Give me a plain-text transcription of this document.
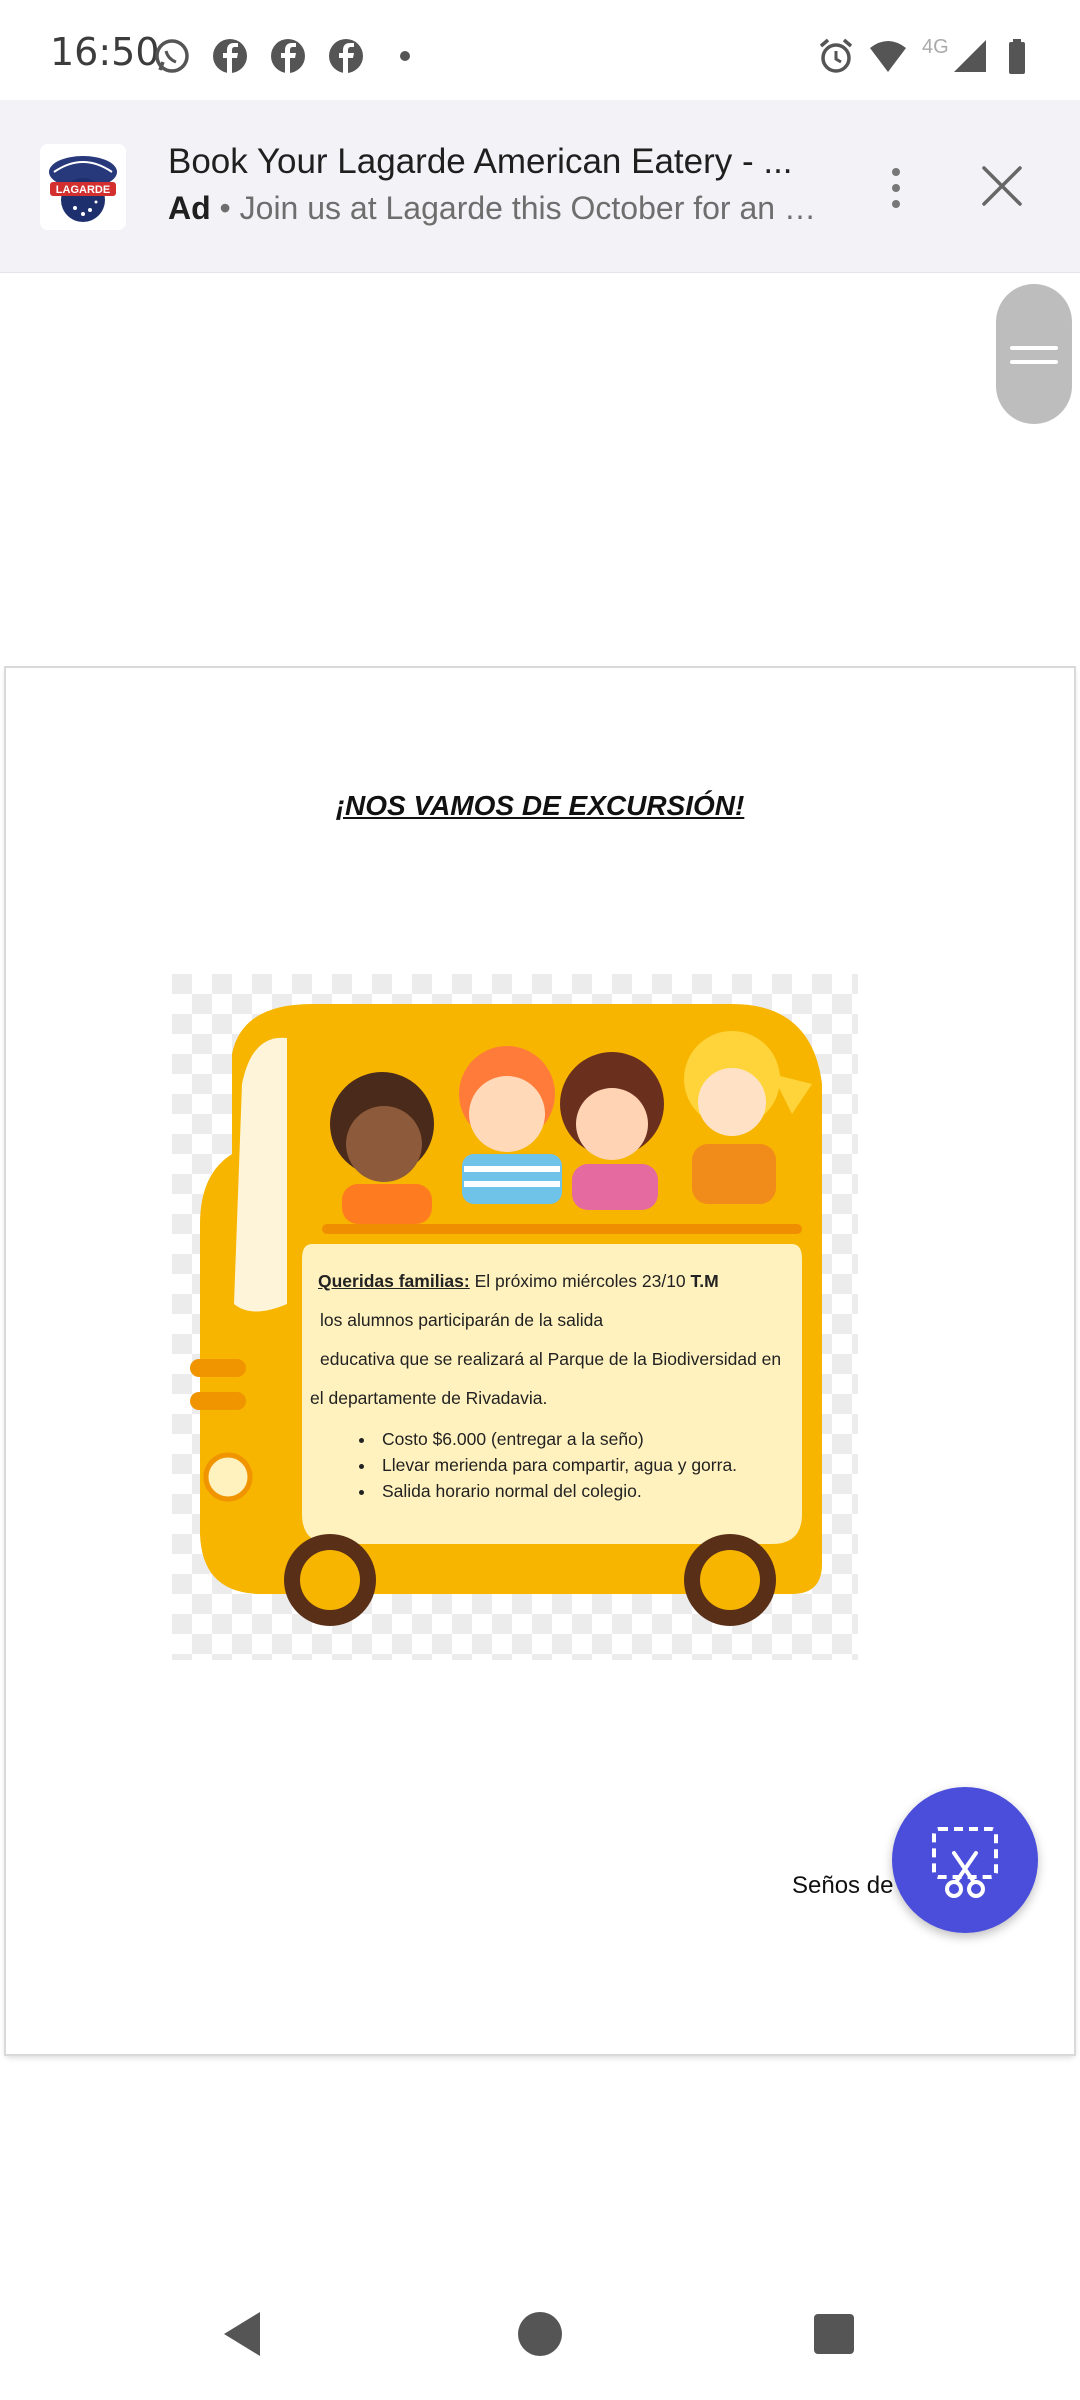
16:50	4G
LAGARDE
Book Your Lagarde American Eatery - ...
Ad • Join us at Lagarde this October for an e...
¡NOS VAMOS DE EXCURSIÓN!
Queridas familias: El próximo miércoles 23/10 T.M
los alumnos participarán de la salida
educativa que se realizará al Parque de la Biodiversidad en
el departamente de Rivadavia.
• Costo $6.000 (entregar a la seño)
• Llevar merienda para compartir, agua y gorra.
• Salida horario normal del colegio.
Seños de
